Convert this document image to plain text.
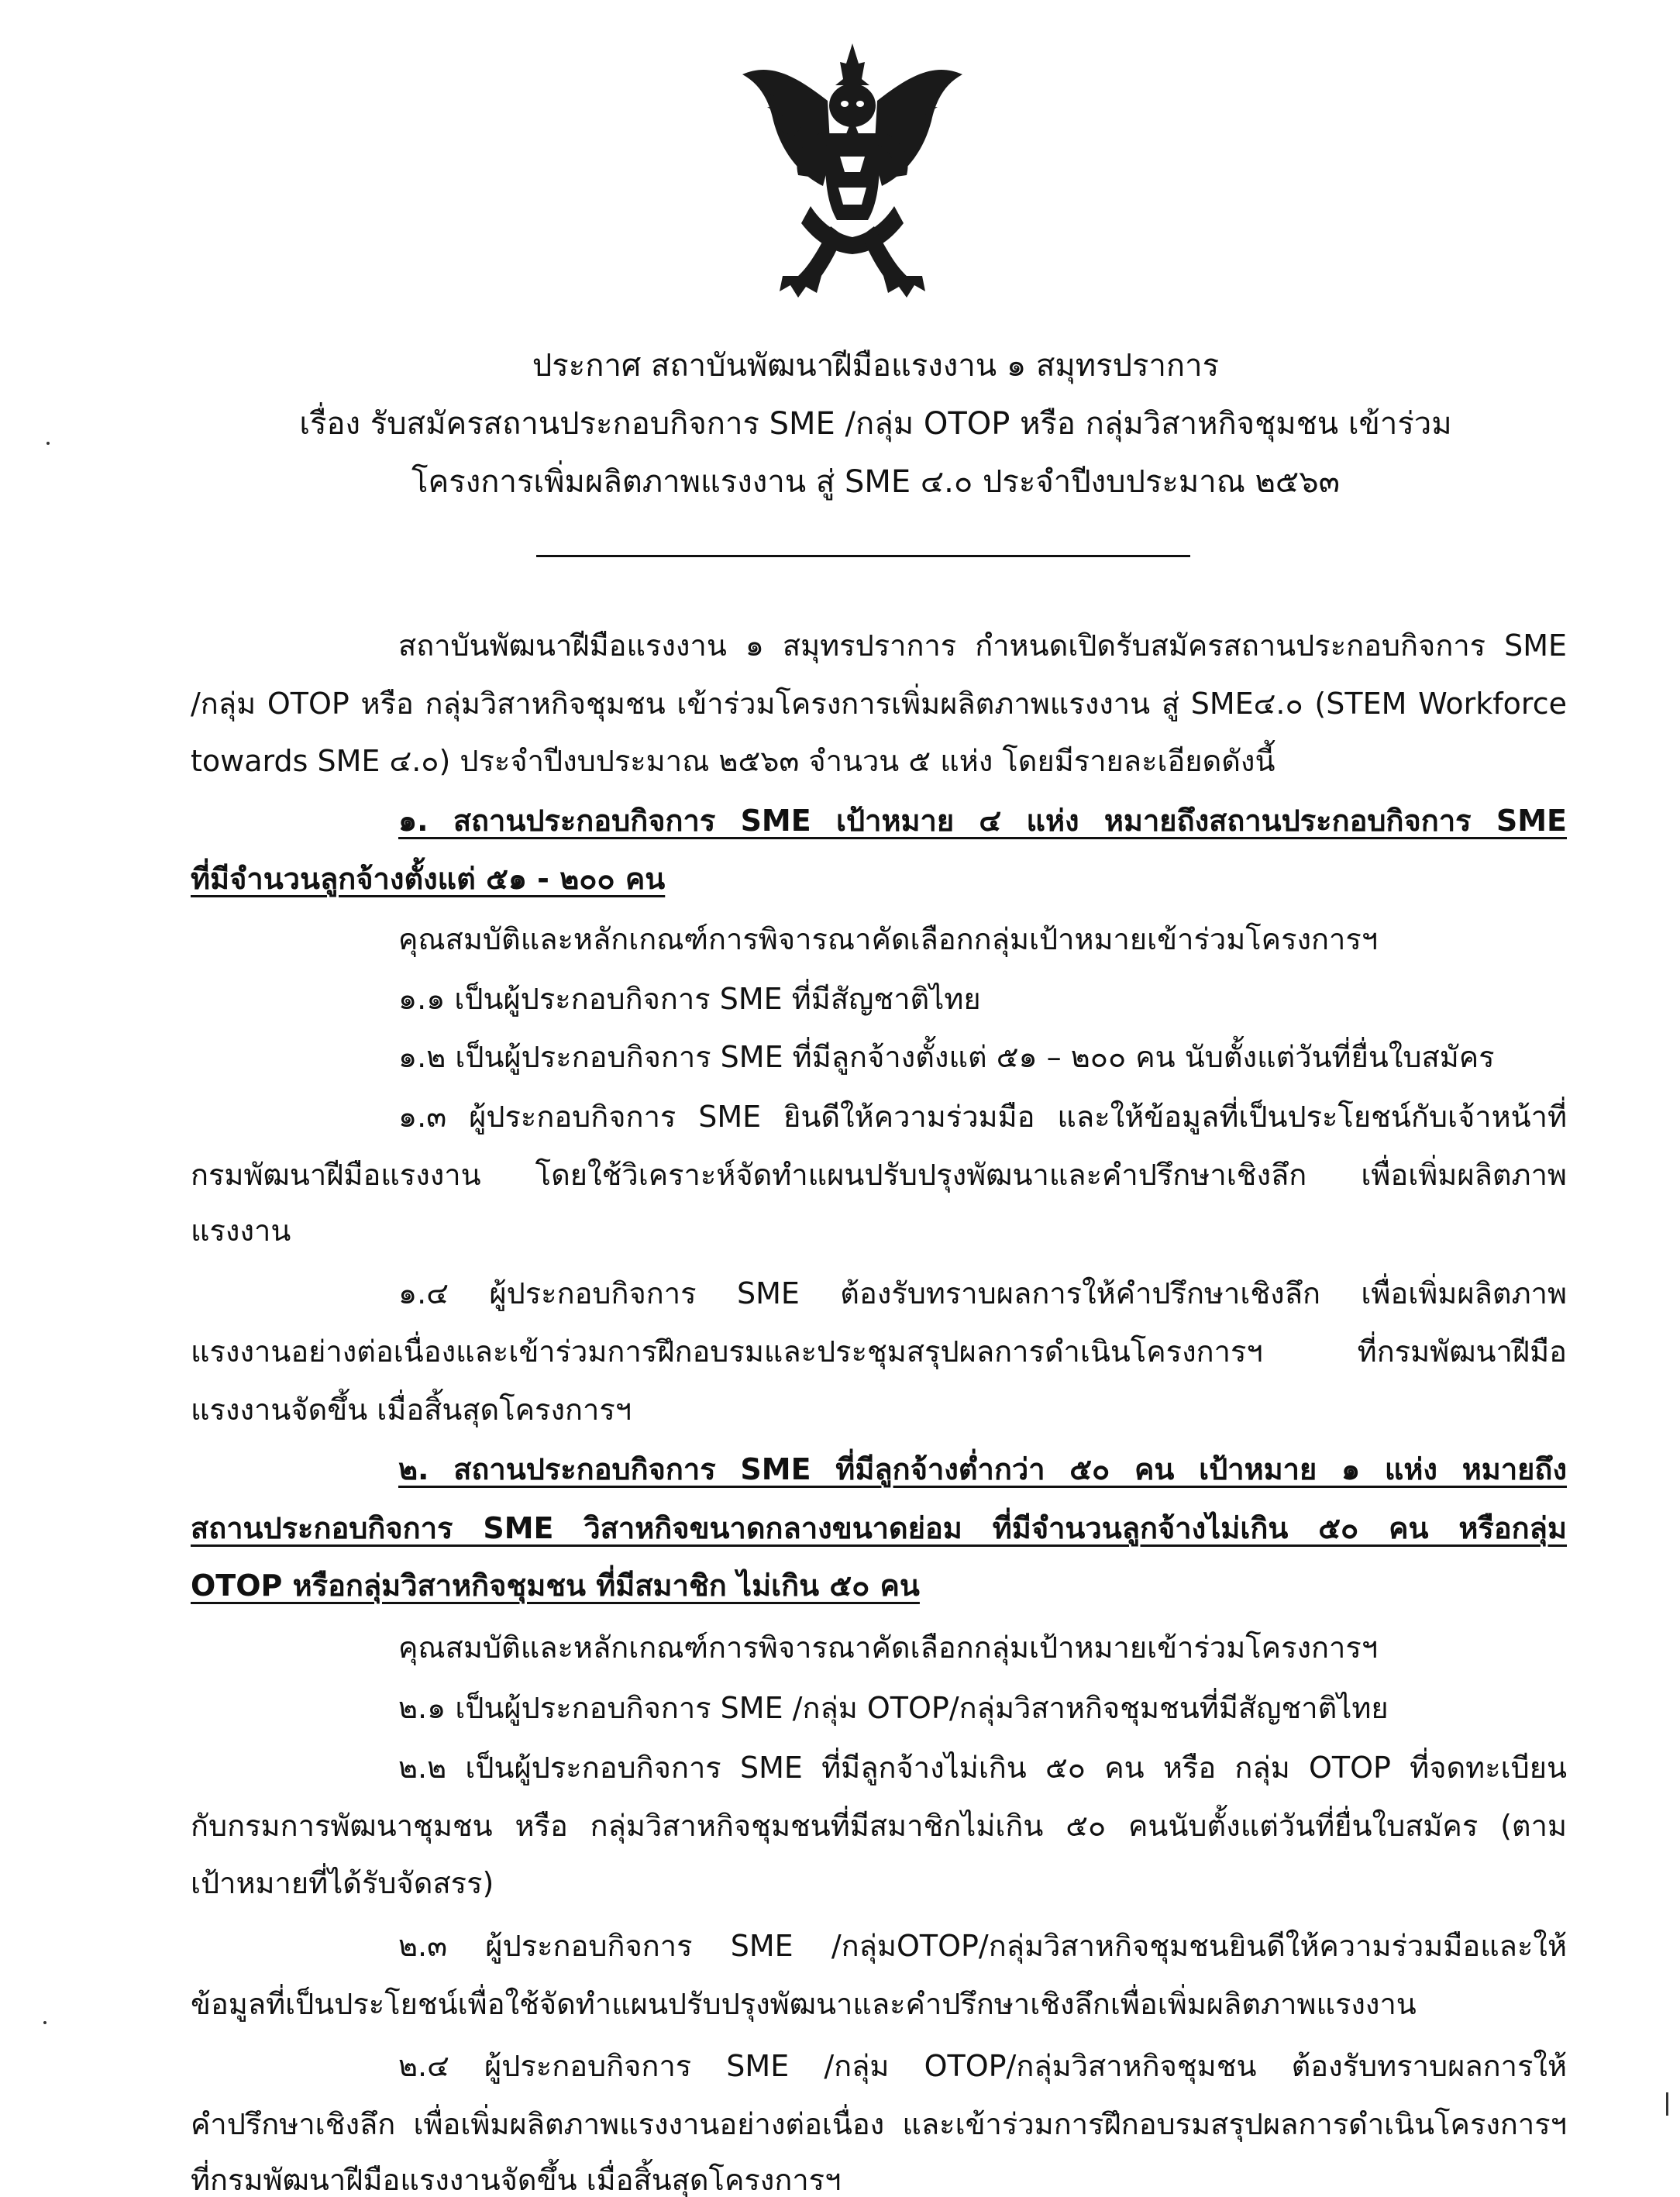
ประกาศ สถาบันพัฒนาฝีมือแรงงาน ๑ สมุทรปราการ
เรื่อง รับสมัครสถานประกอบกิจการ SME /กลุ่ม OTOP หรือ กลุ่มวิสาหกิจชุมชน เข้าร่วม
โครงการเพิ่มผลิตภาพแรงงาน สู่ SME ๔.๐ ประจำปีงบประมาณ ๒๕๖๓
สถาบันพัฒนาฝีมือแรงงาน ๑ สมุทรปราการ กำหนดเปิดรับสมัครสถานประกอบกิจการ SME
/กลุ่ม OTOP หรือ กลุ่มวิสาหกิจชุมชน เข้าร่วมโครงการเพิ่มผลิตภาพแรงงาน สู่ SME๔.๐ (STEM Workforce
towards SME ๔.๐) ประจำปีงบประมาณ ๒๕๖๓ จำนวน ๕ แห่ง โดยมีรายละเอียดดังนี้
๑. สถานประกอบกิจการ SME เป้าหมาย ๔ แห่ง หมายถึงสถานประกอบกิจการ SME
ที่มีจำนวนลูกจ้างตั้งแต่ ๕๑ - ๒๐๐ คน
คุณสมบัติและหลักเกณฑ์การพิจารณาคัดเลือกกลุ่มเป้าหมายเข้าร่วมโครงการฯ
๑.๑ เป็นผู้ประกอบกิจการ SME ที่มีสัญชาติไทย
๑.๒ เป็นผู้ประกอบกิจการ SME ที่มีลูกจ้างตั้งแต่ ๕๑ – ๒๐๐ คน นับตั้งแต่วันที่ยื่นใบสมัคร
๑.๓ ผู้ประกอบกิจการ SME ยินดีให้ความร่วมมือ และให้ข้อมูลที่เป็นประโยชน์กับเจ้าหน้าที่
กรมพัฒนาฝีมือแรงงาน โดยใช้วิเคราะห์จัดทำแผนปรับปรุงพัฒนาและคำปรึกษาเชิงลึก เพื่อเพิ่มผลิตภาพ
แรงงาน
๑.๔ ผู้ประกอบกิจการ SME ต้องรับทราบผลการให้คำปรึกษาเชิงลึก เพื่อเพิ่มผลิตภาพ
แรงงานอย่างต่อเนื่องและเข้าร่วมการฝึกอบรมและประชุมสรุปผลการดำเนินโครงการฯ ที่กรมพัฒนาฝีมือ
แรงงานจัดขึ้น เมื่อสิ้นสุดโครงการฯ
๒. สถานประกอบกิจการ SME ที่มีลูกจ้างต่ำกว่า ๕๐ คน เป้าหมาย ๑ แห่ง หมายถึง
สถานประกอบกิจการ SME วิสาหกิจขนาดกลางขนาดย่อม ที่มีจำนวนลูกจ้างไม่เกิน ๕๐ คน หรือกลุ่ม
OTOP หรือกลุ่มวิสาหกิจชุมชน ที่มีสมาชิก ไม่เกิน ๕๐ คน
คุณสมบัติและหลักเกณฑ์การพิจารณาคัดเลือกกลุ่มเป้าหมายเข้าร่วมโครงการฯ
๒.๑ เป็นผู้ประกอบกิจการ SME /กลุ่ม OTOP/กลุ่มวิสาหกิจชุมชนที่มีสัญชาติไทย
๒.๒ เป็นผู้ประกอบกิจการ SME ที่มีลูกจ้างไม่เกิน ๕๐ คน หรือ กลุ่ม OTOP ที่จดทะเบียน
กับกรมการพัฒนาชุมชน หรือ กลุ่มวิสาหกิจชุมชนที่มีสมาชิกไม่เกิน ๕๐ คนนับตั้งแต่วันที่ยื่นใบสมัคร (ตาม
เป้าหมายที่ได้รับจัดสรร)
๒.๓ ผู้ประกอบกิจการ SME /กลุ่มOTOP/กลุ่มวิสาหกิจชุมชนยินดีให้ความร่วมมือและให้
ข้อมูลที่เป็นประโยชน์เพื่อใช้จัดทำแผนปรับปรุงพัฒนาและคำปรึกษาเชิงลึกเพื่อเพิ่มผลิตภาพแรงงาน
๒.๔ ผู้ประกอบกิจการ SME /กลุ่ม OTOP/กลุ่มวิสาหกิจชุมชน ต้องรับทราบผลการให้
คำปรึกษาเชิงลึก เพื่อเพิ่มผลิตภาพแรงงานอย่างต่อเนื่อง และเข้าร่วมการฝึกอบรมสรุปผลการดำเนินโครงการฯ
ที่กรมพัฒนาฝีมือแรงงานจัดขึ้น เมื่อสิ้นสุดโครงการฯ
